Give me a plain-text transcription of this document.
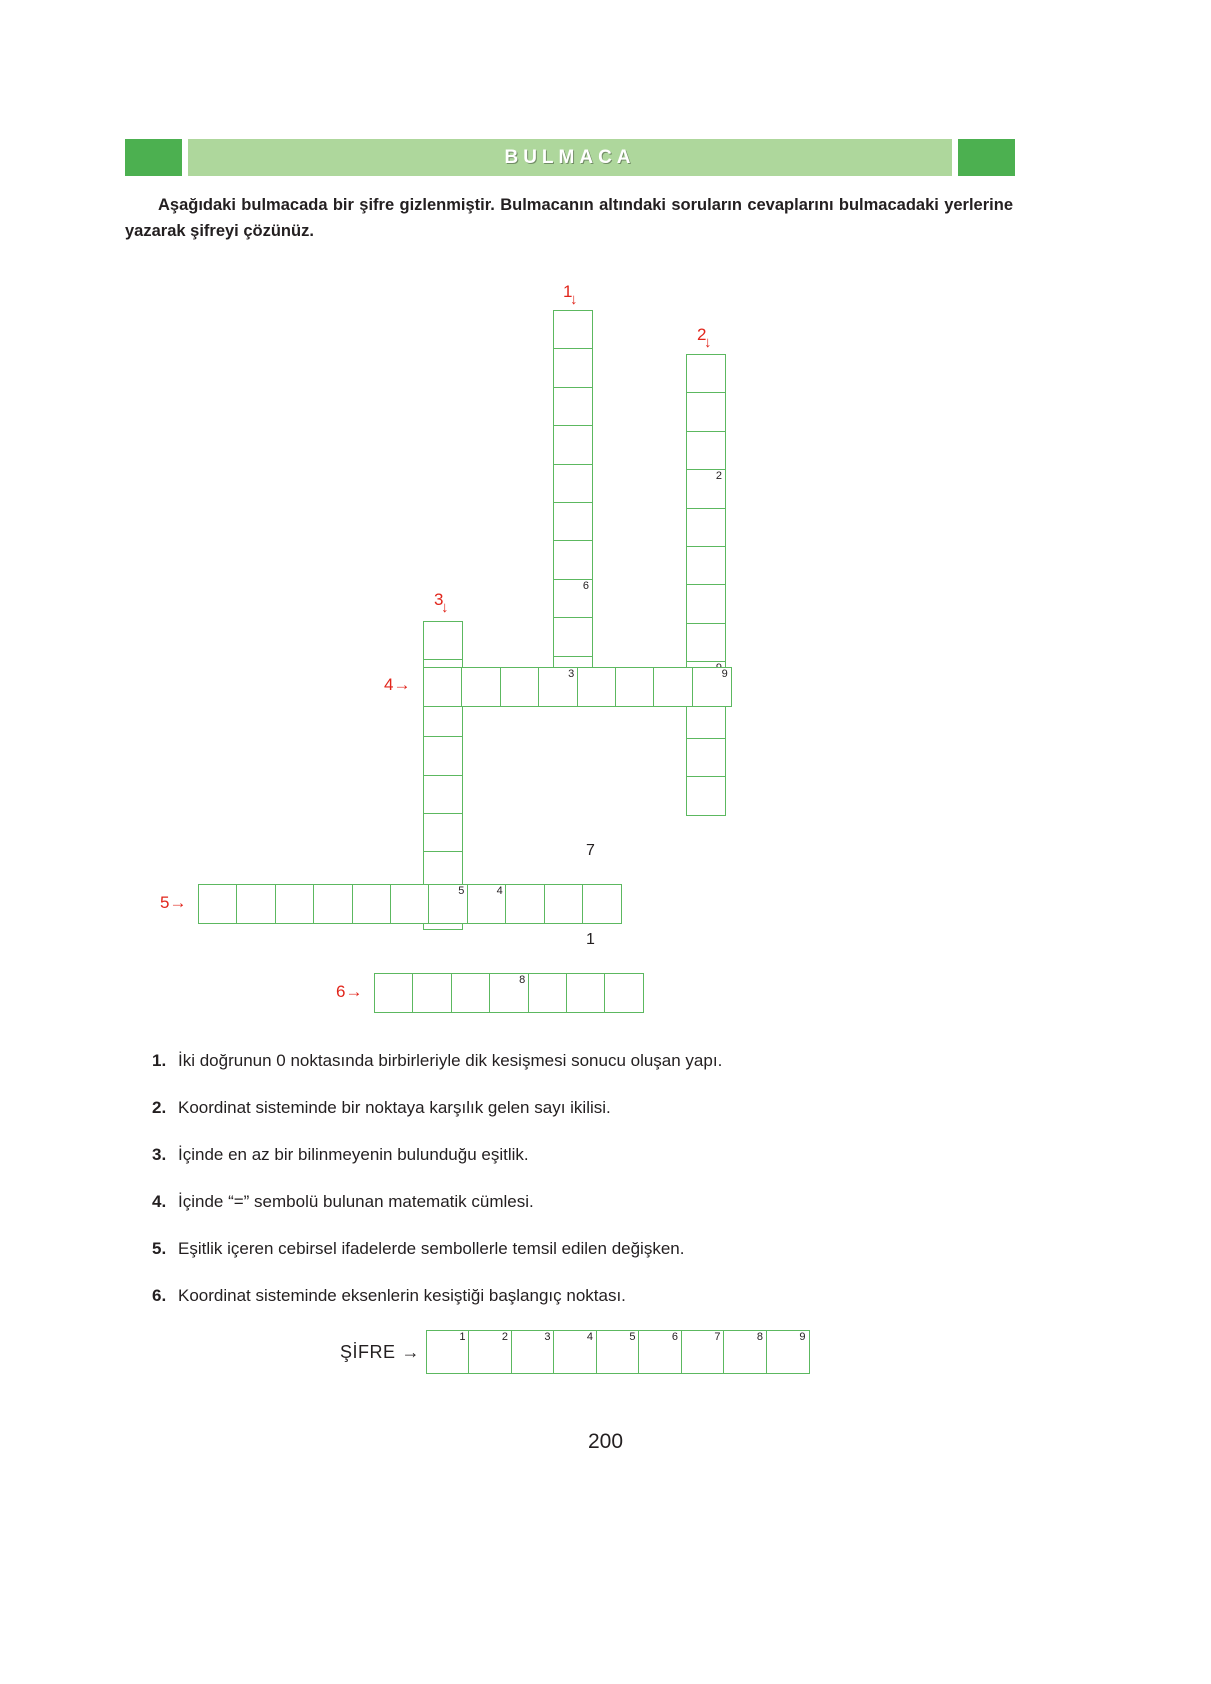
BULMACA
Aşağıdaki bulmacada bir şifre gizlenmiştir. Bulmacanın altındaki soruların cevaplarını bulmacadaki yerlerine yazarak şifreyi çözünüz.
6
2
3	9
5	4
8
7
1
1
↓
2
↓
3
↓
4→
5→
6→
1. İki doğrunun 0 noktasında birbirleriyle dik kesişmesi sonucu oluşan yapı.
2. Koordinat sisteminde bir noktaya karşılık gelen sayı ikilisi.
3. İçinde en az bir bilinmeyenin bulunduğu eşitlik.
4. İçinde “=” sembolü bulunan matematik cümlesi.
5. Eşitlik içeren cebirsel ifadelerde sembollerle temsil edilen değişken.
6. Koordinat sisteminde eksenlerin kesiştiği başlangıç noktası.
ŞİFRE →
1	2	3	4	5	6	7	8	9
200
